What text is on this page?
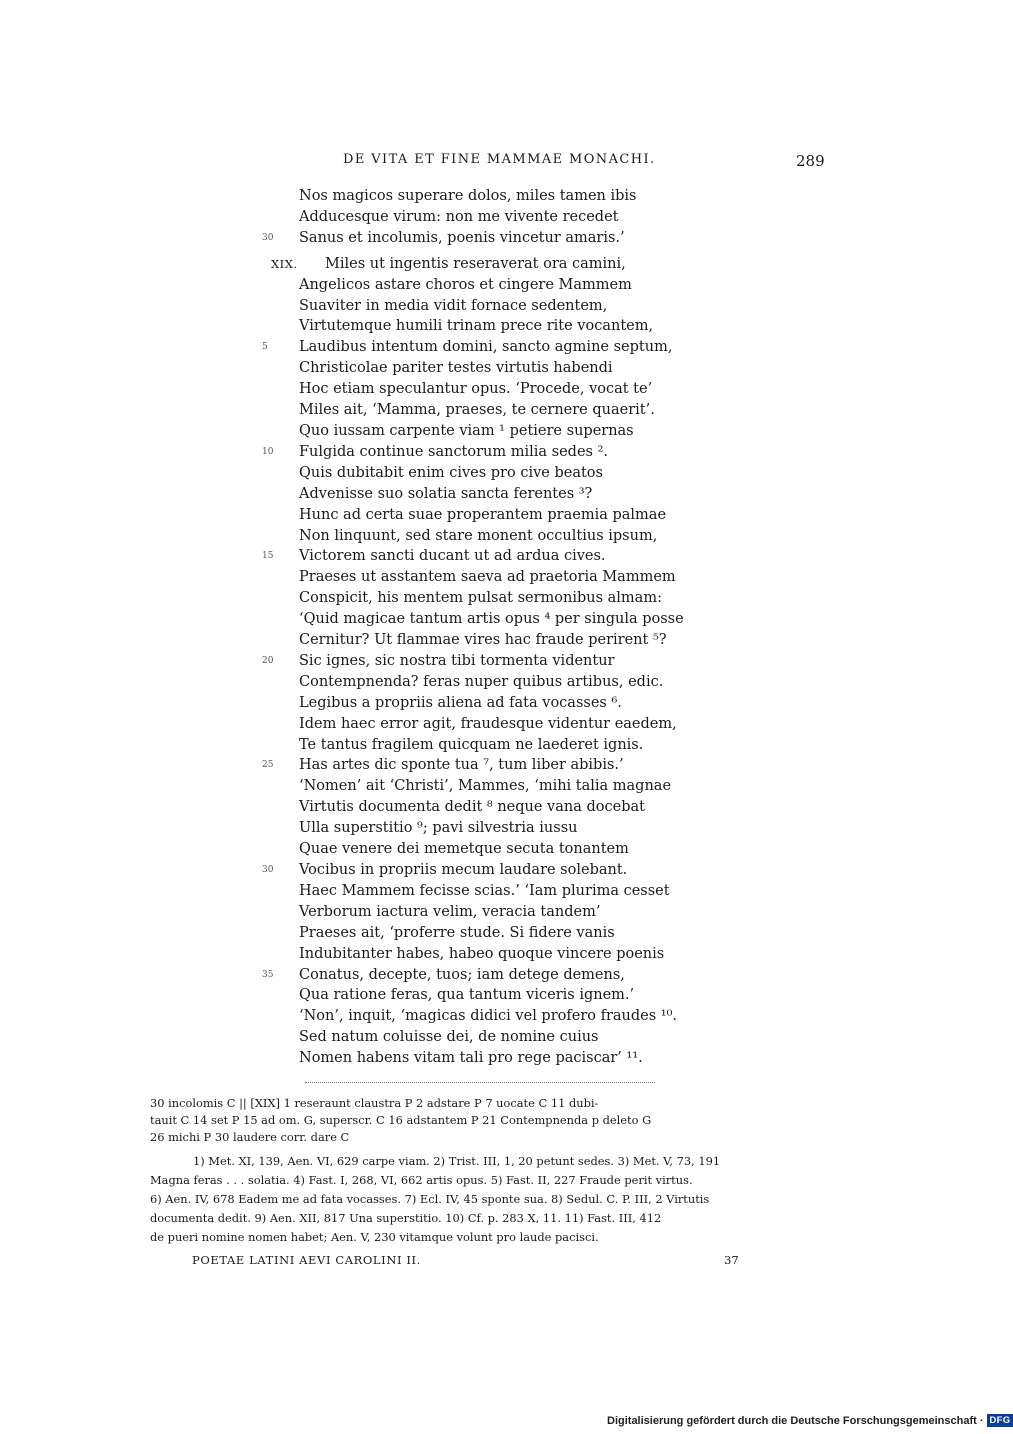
DE VITA ET FINE MAMMAE MONACHI.	289
Nos magicos superare dolos, miles tamen ibis
Adducesque virum: non me vivente recedet
30 Sanus et incolumis, poenis vincetur amaris.’
XIX. Miles ut ingentis reseraverat ora camini,
Angelicos astare choros et cingere Mammem
Suaviter in media vidit fornace sedentem,
Virtutemque humili trinam prece rite vocantem,
5 Laudibus intentum domini, sancto agmine septum,
Christicolae pariter testes virtutis habendi
Hoc etiam speculantur opus. ‘Procede, vocat te’
Miles ait, ‘Mamma, praeses, te cernere quaerit’.
Quo iussam carpente viam ¹ petiere supernas
10 Fulgida continue sanctorum milia sedes ².
Quis dubitabit enim cives pro cive beatos
Advenisse suo solatia sancta ferentes ³?
Hunc ad certa suae properantem praemia palmae
Non linquunt, sed stare monent occultius ipsum,
15 Victorem sancti ducant ut ad ardua cives.
Praeses ut asstantem saeva ad praetoria Mammem
Conspicit, his mentem pulsat sermonibus almam:
‘Quid magicae tantum artis opus ⁴ per singula posse
Cernitur? Ut flammae vires hac fraude perirent ⁵?
20 Sic ignes, sic nostra tibi tormenta videntur
Contempnenda? feras nuper quibus artibus, edic.
Legibus a propriis aliena ad fata vocasses ⁶.
Idem haec error agit, fraudesque videntur eaedem,
Te tantus fragilem quicquam ne laederet ignis.
25 Has artes dic sponte tua ⁷, tum liber abibis.’
‘Nomen’ ait ‘Christi’, Mammes, ‘mihi talia magnae
Virtutis documenta dedit ⁸ neque vana docebat
Ulla superstitio ⁹; pavi silvestria iussu
Quae venere dei memetque secuta tonantem
30 Vocibus in propriis mecum laudare solebant.
Haec Mammem fecisse scias.’ ‘Iam plurima cesset
Verborum iactura velim, veracia tandem’
Praeses ait, ‘proferre stude. Si fidere vanis
Indubitanter habes, habeo quoque vincere poenis
35 Conatus, decepte, tuos; iam detege demens,
Qua ratione feras, qua tantum viceris ignem.’
‘Non’, inquit, ‘magicas didici vel profero fraudes ¹⁰.
Sed natum coluisse dei, de nomine cuius
Nomen habens vitam tali pro rege paciscar’ ¹¹.
30 incolomis C || [XIX] 1 reseraunt claustra P 2 adstare P 7 uocate C 11 dubi-
tauit C 14 set P 15 ad om. G, superscr. C 16 adstantem P 21 Contempnenda p deleto G
26 michi P 30 laudere corr. dare C
1) Met. XI, 139, Aen. VI, 629 carpe viam. 2) Trist. III, 1, 20 petunt sedes. 3) Met. V, 73, 191
Magna feras . . . solatia. 4) Fast. I, 268, VI, 662 artis opus. 5) Fast. II, 227 Fraude perit virtus.
6) Aen. IV, 678 Eadem me ad fata vocasses. 7) Ecl. IV, 45 sponte sua. 8) Sedul. C. P. III, 2 Virtutis
documenta dedit. 9) Aen. XII, 817 Una superstitio. 10) Cf. p. 283 X, 11. 11) Fast. III, 412
de pueri nomine nomen habet; Aen. V, 230 vitamque volunt pro laude pacisci.
POETAE LATINI AEVI CAROLINI II.	37
Digitalisierung gefördert durch die Deutsche Forschungsgemeinschaft · DFG
